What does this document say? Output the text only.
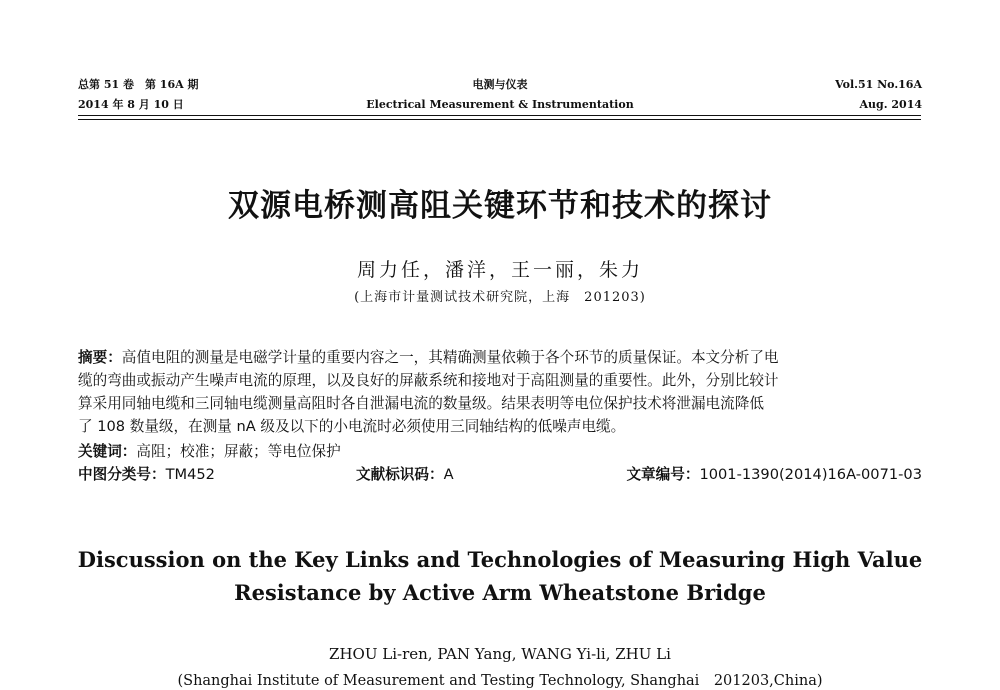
总第 51 卷　第 16A 期
2014 年 8 月 10 日
电测与仪表
Electrical Measurement & Instrumentation
Vol.51 No.16A
Aug. 2014
双源电桥测高阻关键环节和技术的探讨
周力任，潘洋，王一丽，朱力
(上海市计量测试技术研究院，上海　201203)
摘要：高值电阻的测量是电磁学计量的重要内容之一，其精确测量依赖于各个环节的质量保证。本文分析了电
缆的弯曲或振动产生噪声电流的原理，以及良好的屏蔽系统和接地对于高阻测量的重要性。此外，分别比较计
算采用同轴电缆和三同轴电缆测量高阻时各自泄漏电流的数量级。结果表明等电位保护技术将泄漏电流降低
了 108 数量级，在测量 nA 级及以下的小电流时必须使用三同轴结构的低噪声电缆。
关键词：高阻；校准；屏蔽；等电位保护
中图分类号：TM452	文献标识码：A	文章编号：1001-1390(2014)16A-0071-03
Discussion on the Key Links and Technologies of Measuring High Value
Resistance by Active Arm Wheatstone Bridge
ZHOU Li-ren, PAN Yang, WANG Yi-li, ZHU Li
(Shanghai Institute of Measurement and Testing Technology, Shanghai　201203,China)
